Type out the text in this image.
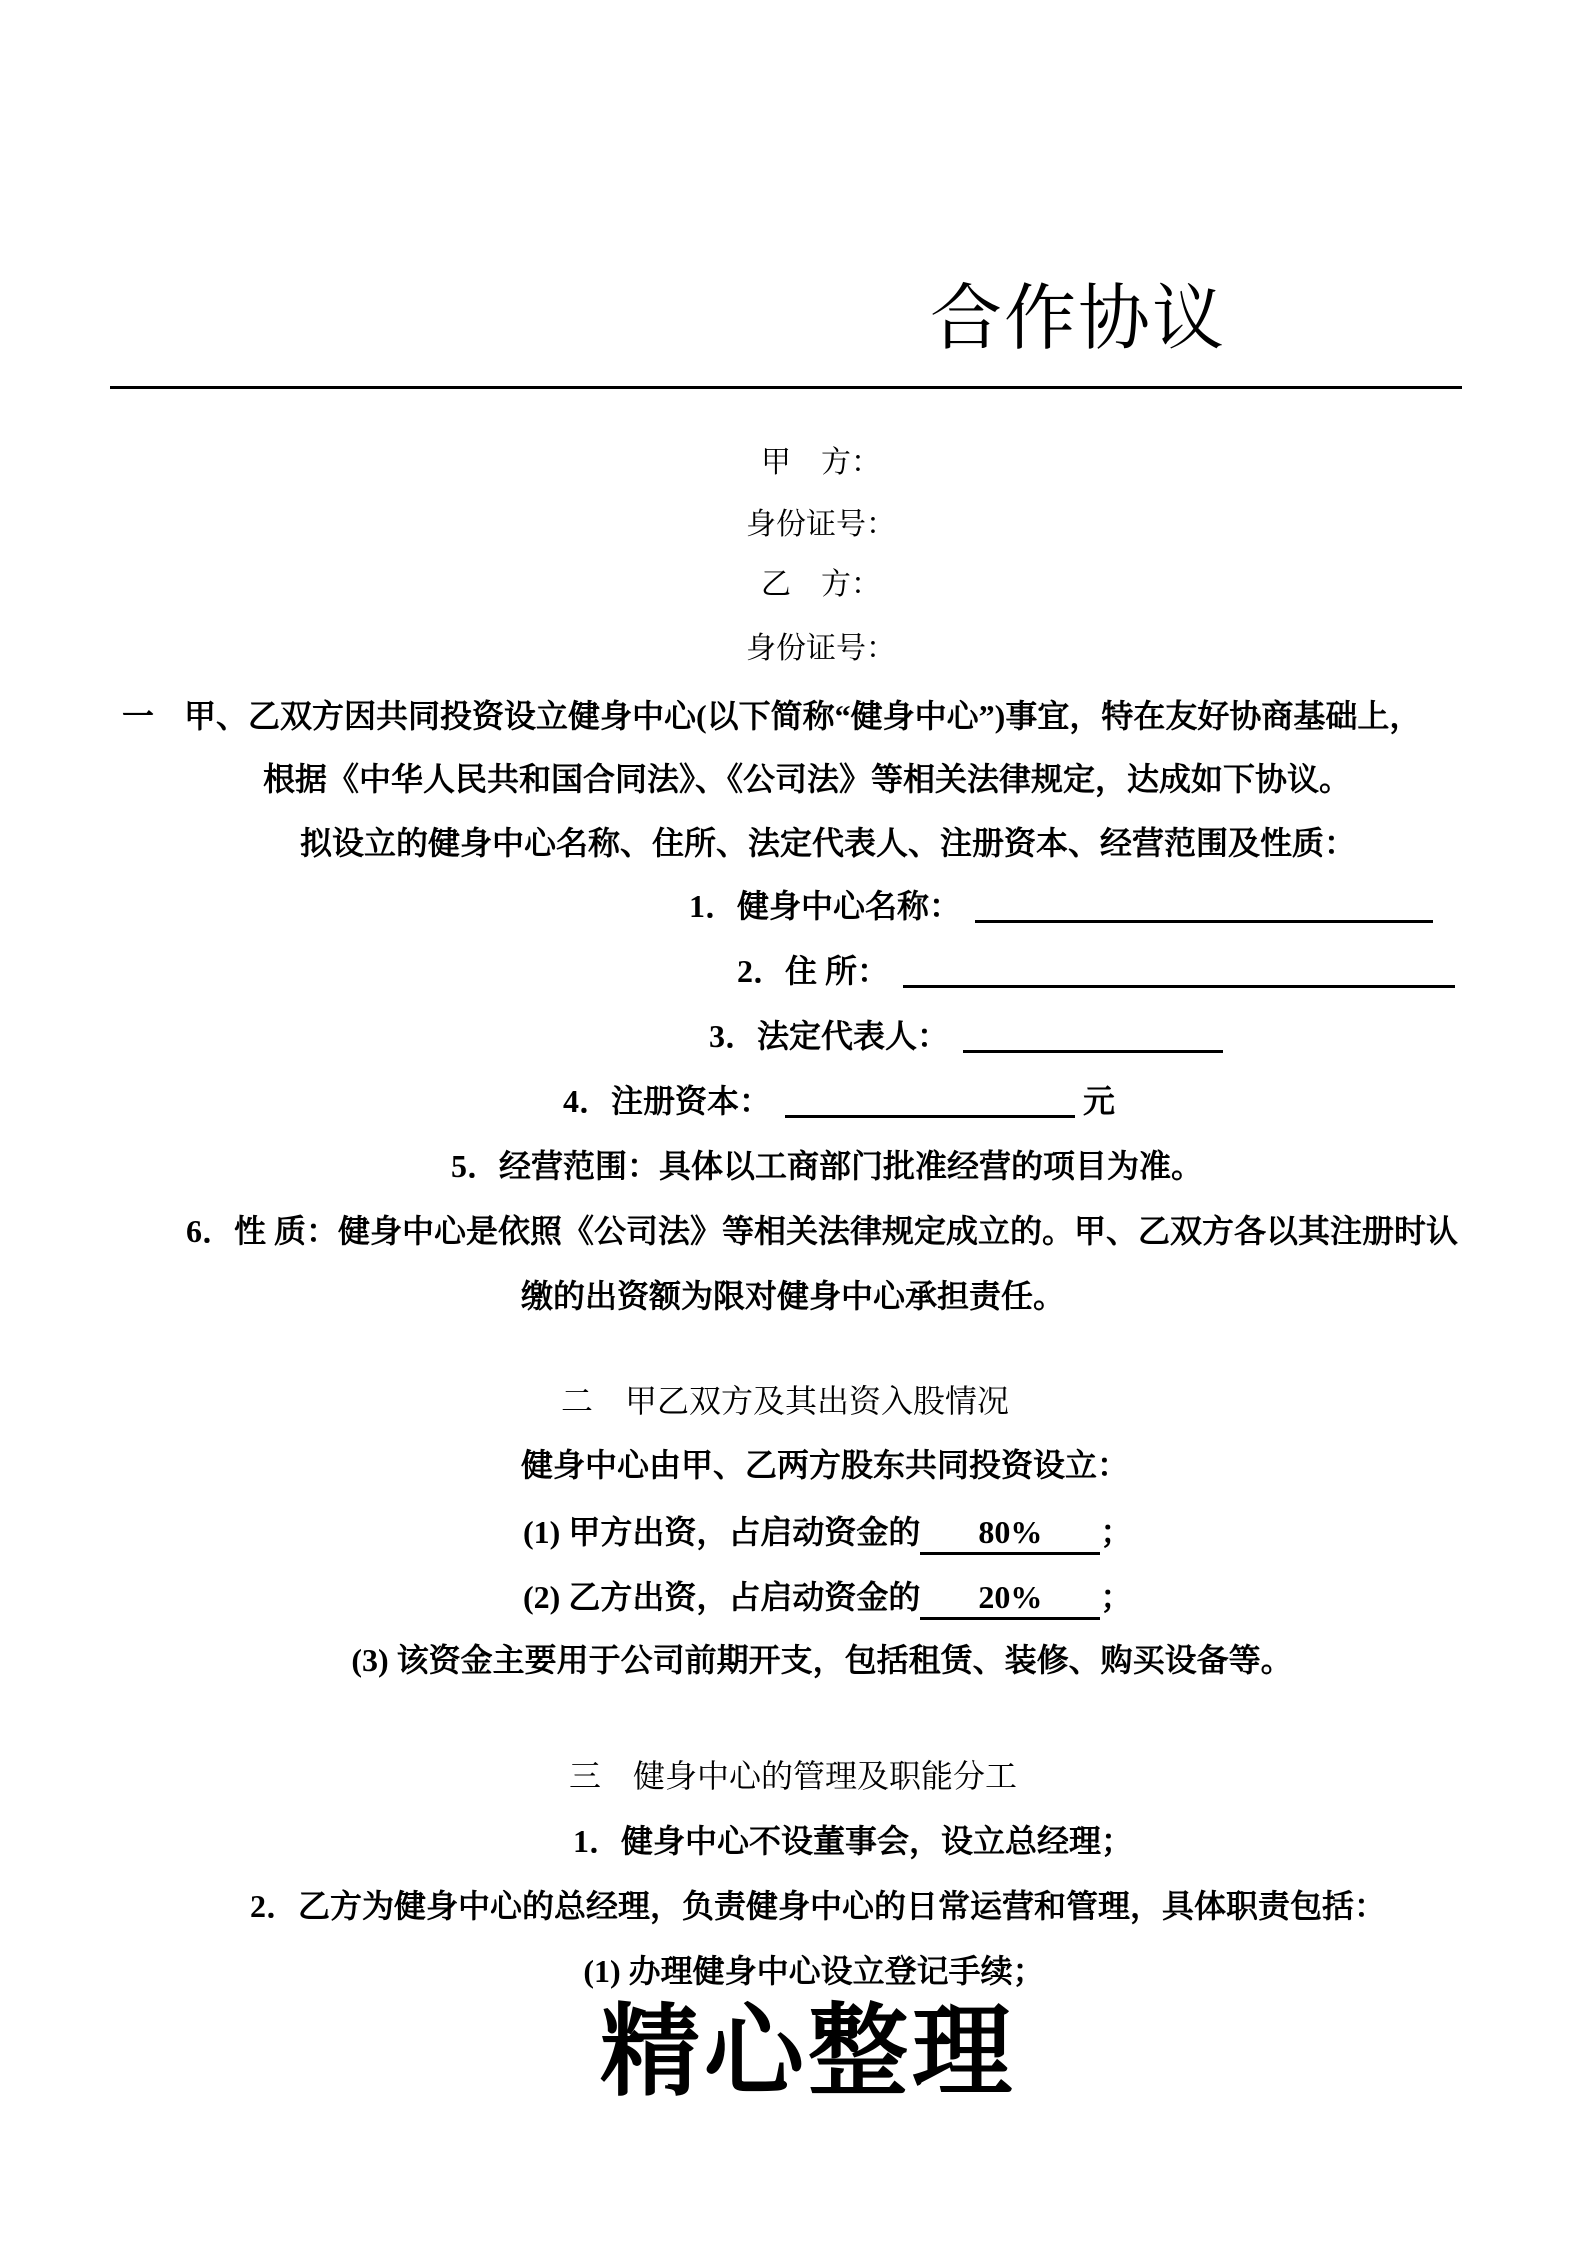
合作协议
甲　方：
身份证号：
乙　方：
身份证号：
一 甲、乙双方因共同投资设立健身中心(以下简称“健身中心”)事宜，特在友好协商基础上，
根据《中华人民共和国合同法》、《公司法》等相关法律规定，达成如下协议。
拟设立的健身中心名称、住所、法定代表人、注册资本、经营范围及性质：
1．健身中心名称：
2．住 所：
3．法定代表人：
4．注册资本：	元
5．经营范围：具体以工商部门批准经营的项目为准。
6．性 质：健身中心是依照《公司法》等相关法律规定成立的。甲、乙双方各以其注册时认
缴的出资额为限对健身中心承担责任。
二　甲乙双方及其出资入股情况
健身中心由甲、乙两方股东共同投资设立：
(1) 甲方出资，占启动资金的 80% ；
(2) 乙方出资，占启动资金的 20% ；
(3) 该资金主要用于公司前期开支，包括租赁、装修、购买设备等。
三　健身中心的管理及职能分工
1．健身中心不设董事会，设立总经理；
2．乙方为健身中心的总经理，负责健身中心的日常运营和管理，具体职责包括：
(1) 办理健身中心设立登记手续；
精心整理
